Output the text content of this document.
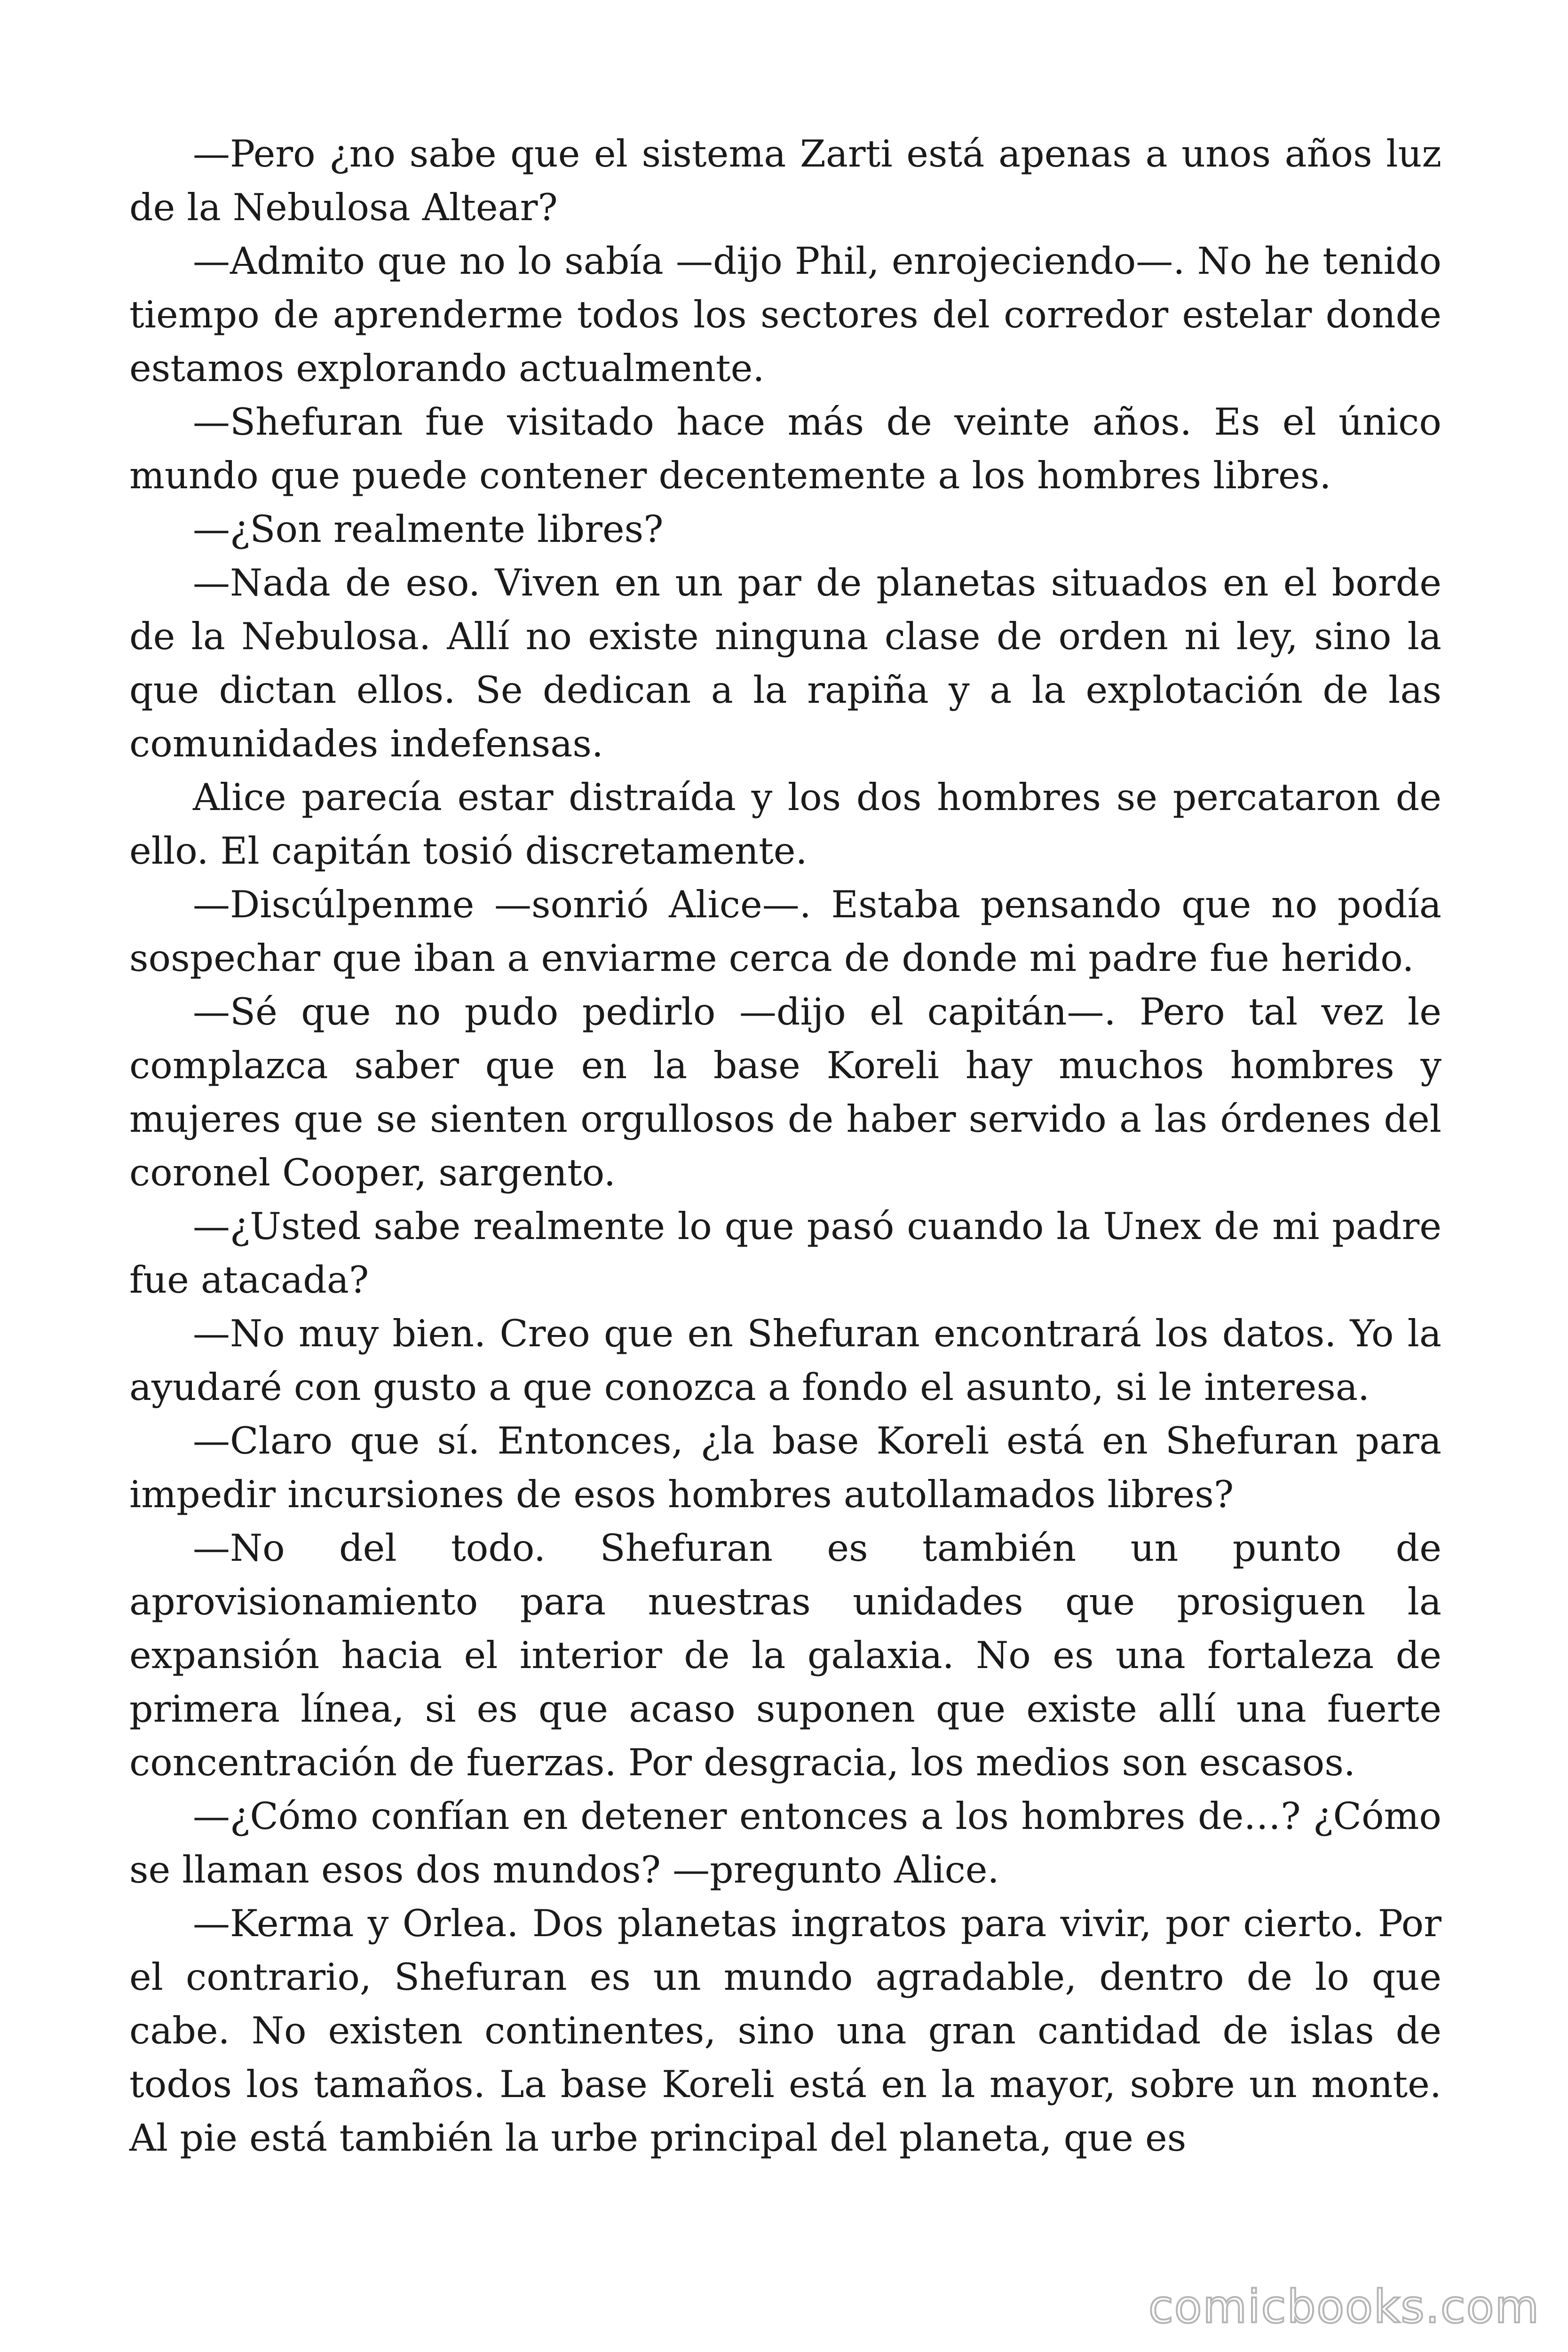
—Pero ¿no sabe que el sistema Zarti está apenas a unos años luz de la Nebulosa Altear?

—Admito que no lo sabía —dijo Phil, enrojeciendo—. No he tenido tiempo de aprenderme todos los sectores del corredor estelar donde estamos explorando actualmente.

—Shefuran fue visitado hace más de veinte años. Es el único mundo que puede contener decentemente a los hombres libres.

—¿Son realmente libres?

—Nada de eso. Viven en un par de planetas situados en el borde de la Nebulosa. Allí no existe ninguna clase de orden ni ley, sino la que dictan ellos. Se dedican a la rapiña y a la explotación de las comunidades indefensas.

Alice parecía estar distraída y los dos hombres se percataron de ello. El capitán tosió discretamente.

—Discúlpenme —sonrió Alice—. Estaba pensando que no podía sospechar que iban a enviarme cerca de donde mi padre fue herido.

—Sé que no pudo pedirlo —dijo el capitán—. Pero tal vez le complazca saber que en la base Koreli hay muchos hombres y mujeres que se sienten orgullosos de haber servido a las órdenes del coronel Cooper, sargento.

—¿Usted sabe realmente lo que pasó cuando la Unex de mi padre fue atacada?

—No muy bien. Creo que en Shefuran encontrará los datos. Yo la ayudaré con gusto a que conozca a fondo el asunto, si le interesa.

—Claro que sí. Entonces, ¿la base Koreli está en Shefuran para impedir incursiones de esos hombres autollamados libres?

—No del todo. Shefuran es también un punto de aprovisionamiento para nuestras unidades que prosiguen la expansión hacia el interior de la galaxia. No es una fortaleza de primera línea, si es que acaso suponen que existe allí una fuerte concentración de fuerzas. Por desgracia, los medios son escasos.

—¿Cómo confían en detener entonces a los hombres de…? ¿Cómo se llaman esos dos mundos? —pregunto Alice.

—Kerma y Orlea. Dos planetas ingratos para vivir, por cierto. Por el contrario, Shefuran es un mundo agradable, dentro de lo que cabe. No existen continentes, sino una gran cantidad de islas de todos los tamaños. La base Koreli está en la mayor, sobre un monte. Al pie está también la urbe principal del planeta, que es

comicbooks.com
